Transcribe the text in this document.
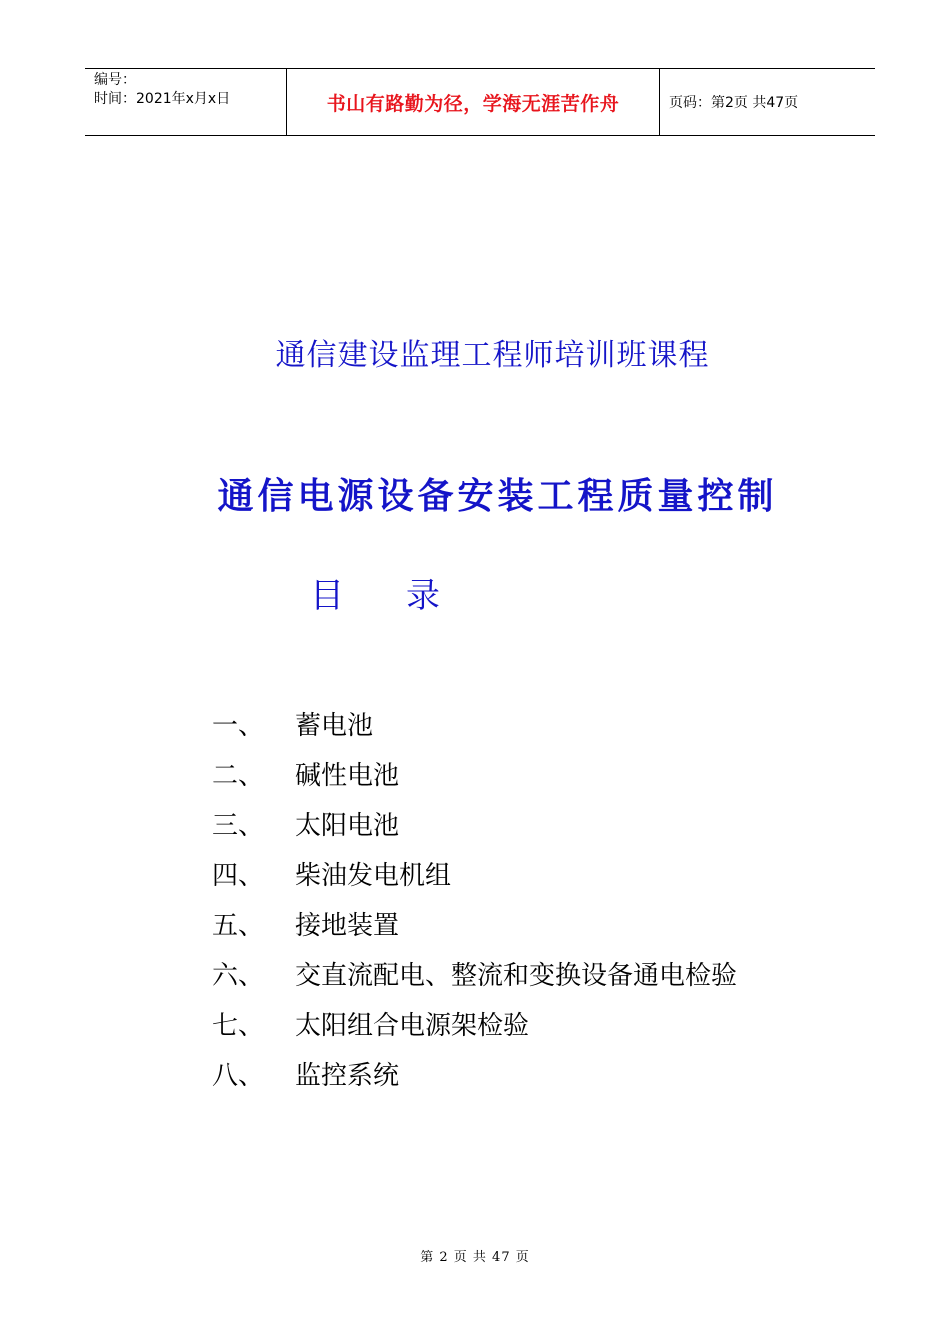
编号：
时间：2021年x月x日	书山有路勤为径，学海无涯苦作舟	页码：第2页 共47页
通信建设监理工程师培训班课程
通信电源设备安装工程质量控制
目录
一、	蓄电池
二、	碱性电池
三、	太阳电池
四、	柴油发电机组
五、	接地装置
六、	交直流配电、整流和变换设备通电检验
七、	太阳组合电源架检验
八、	监控系统
第 2 页 共 47 页
